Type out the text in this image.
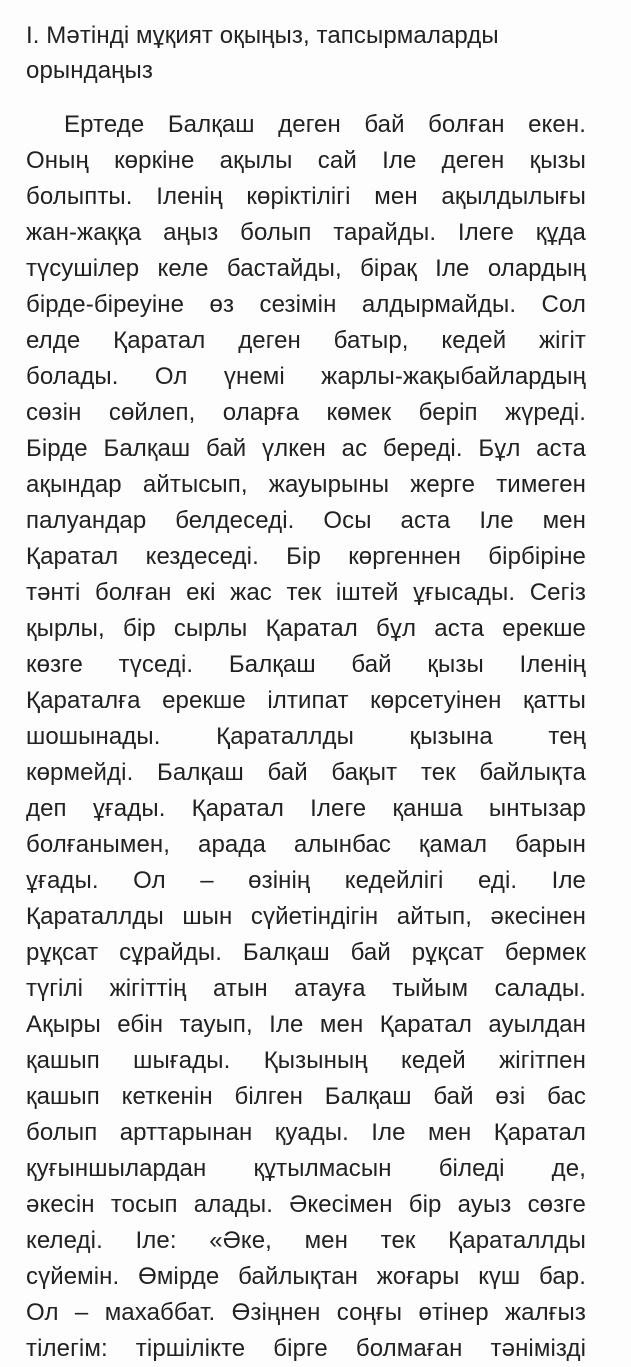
I. Мәтінді мұқият оқыңыз, тапсырмаларды
орындаңыз
Ертеде Балқаш деген бай болған екен.
Оның көркіне ақылы сай Іле деген қызы
болыпты. Іленің көріктілігі мен ақылдылығы
жан-жаққа аңыз болып тарайды. Ілеге құда
түсушілер келе бастайды, бірақ Іле олардың
бірде-біреуіне өз сезімін алдырмайды. Сол
елде Қаратал деген батыр, кедей жігіт
болады. Ол үнемі жарлы-жақыбайлардың
сөзін сөйлеп, оларға көмек беріп жүреді.
Бірде Балқаш бай үлкен ас береді. Бұл аста
ақындар айтысып, жауырыны жерге тимеген
палуандар белдеседі. Осы аста Іле мен
Қаратал кездеседі. Бір көргеннен бірбіріне
тәнті болған екі жас тек іштей ұғысады. Сегіз
қырлы, бір сырлы Қаратал бұл аста ерекше
көзге түседі. Балқаш бай қызы Іленің
Қараталға ерекше ілтипат көрсетуінен қатты
шошынады. Қараталлды қызына тең
көрмейді. Балқаш бай бақыт тек байлықта
деп ұғады. Қаратал Ілеге қанша ынтызар
болғанымен, арада алынбас қамал барын
ұғады. Ол – өзінің кедейлігі еді. Іле
Қараталлды шын сүйетіндігін айтып, әкесінен
рұқсат сұрайды. Балқаш бай рұқсат бермек
түгілі жігіттің атын атауға тыйым салады.
Ақыры ебін тауып, Іле мен Қаратал ауылдан
қашып шығады. Қызының кедей жігітпен
қашып кеткенін білген Балқаш бай өзі бас
болып арттарынан қуады. Іле мен Қаратал
қуғыншылардан құтылмасын біледі де,
әкесін тосып алады. Әкесімен бір ауыз сөзге
келеді. Іле: «Әке, мен тек Қараталлды
сүйемін. Өмірде байлықтан жоғары күш бар.
Ол – махаббат. Өзіңнен соңғы өтінер жалғыз
тілегім: тіршілікте бірге болмаған тәнімізді
